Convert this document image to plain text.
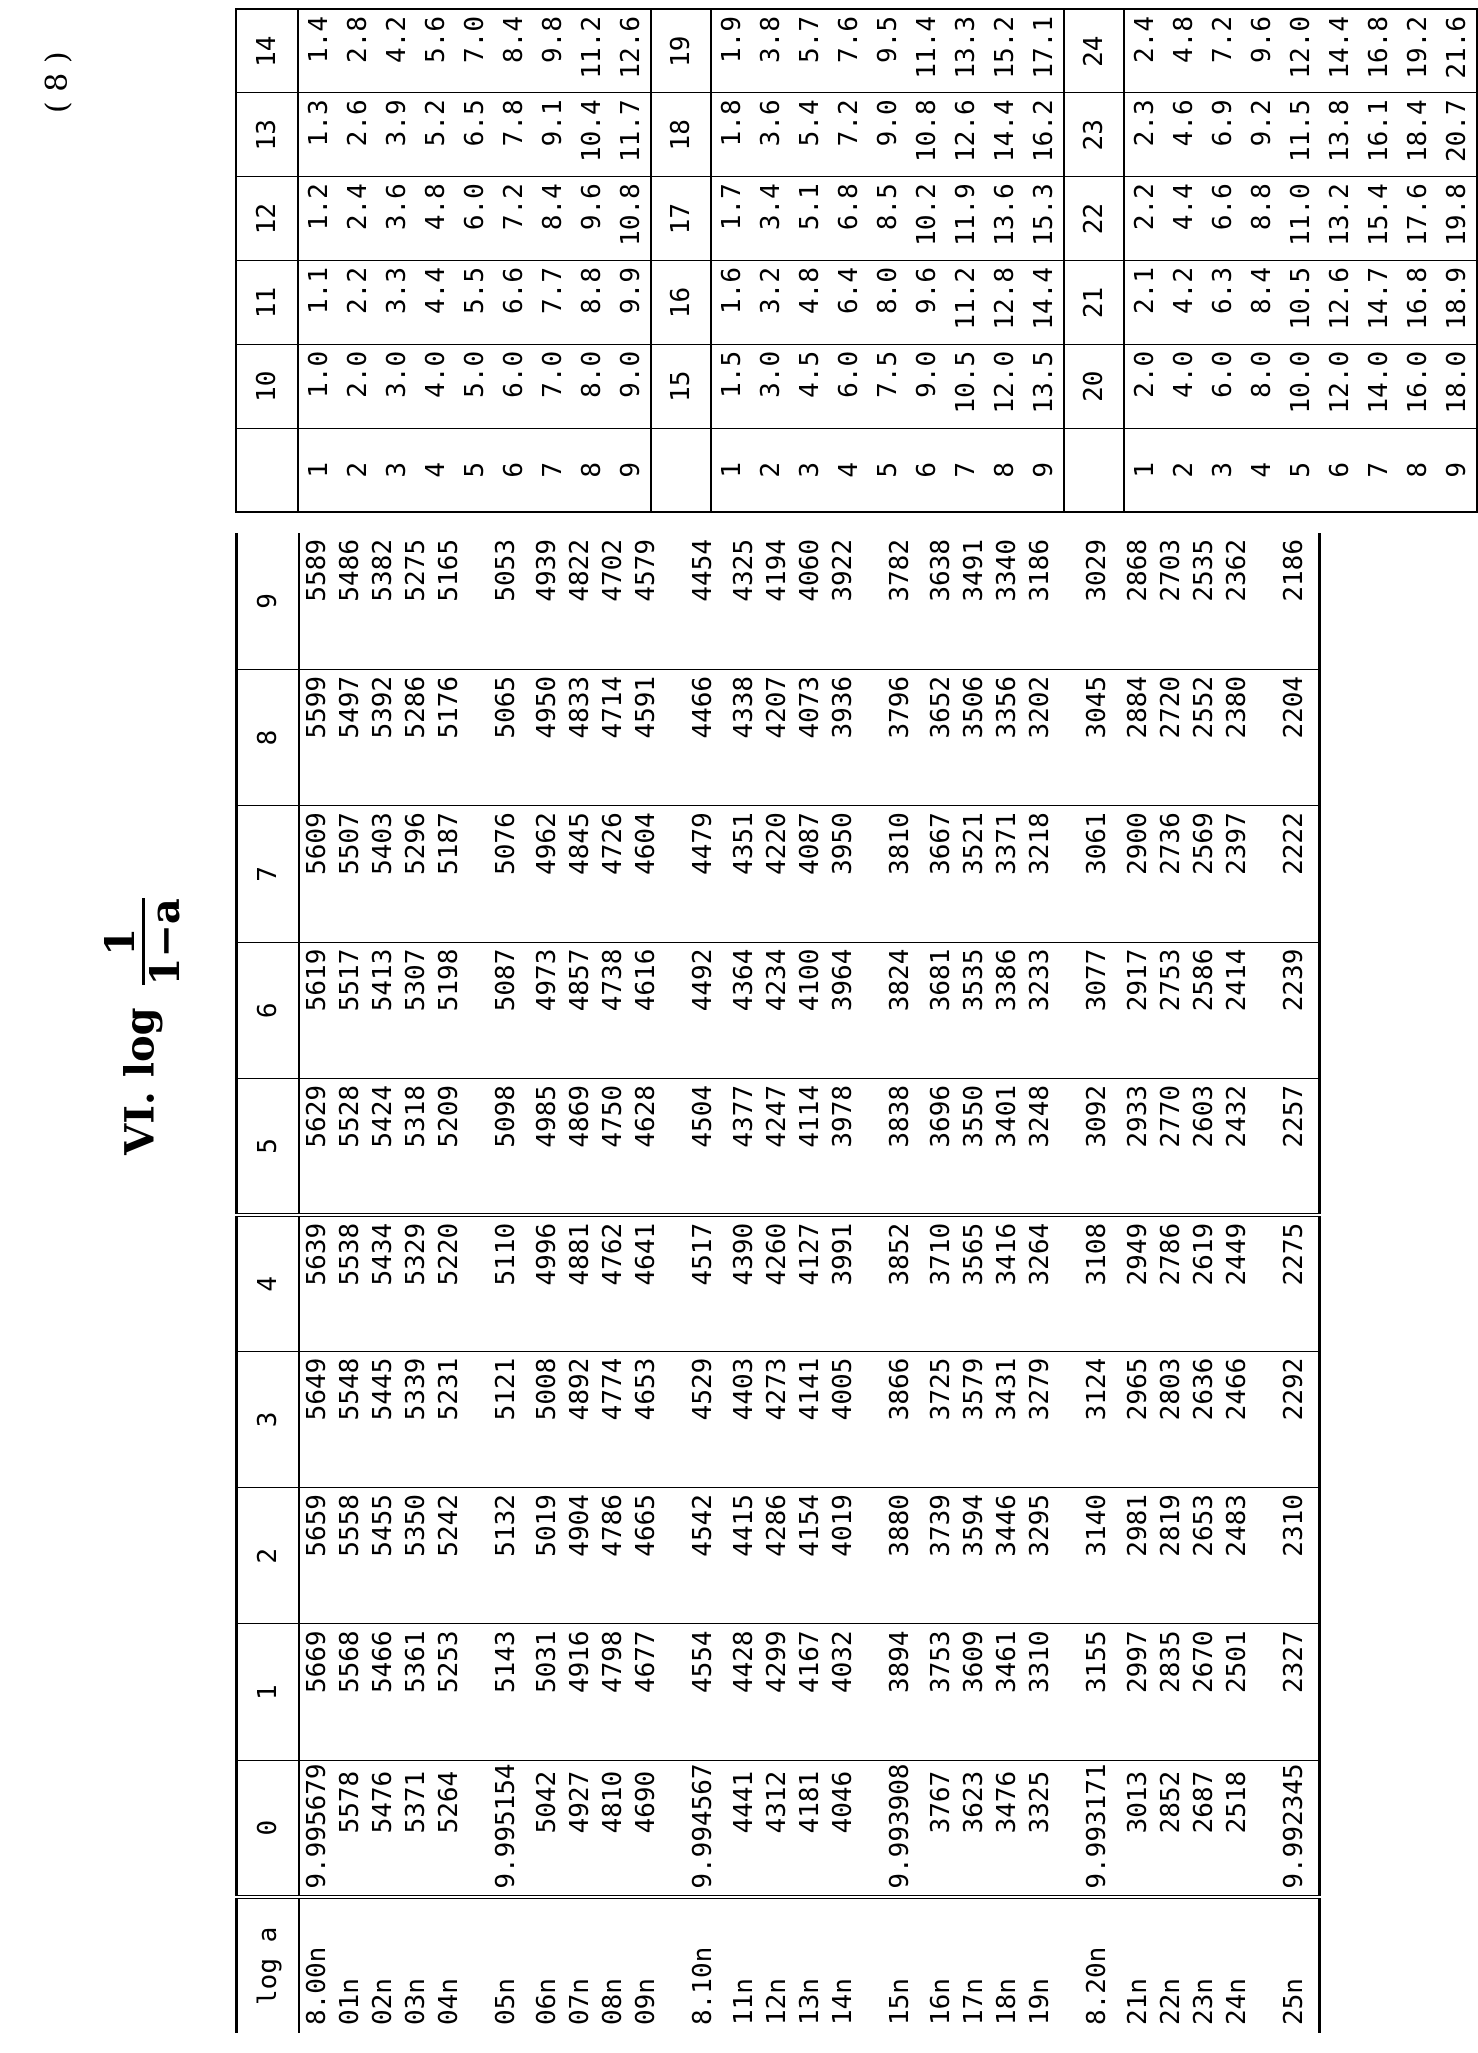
( 8 )
VI. log
1
1−a
log a	0	1	2	3	4	5	6	7	8	9
8.00n	9.995679	5669	5659	5649	5639	5629	5619	5609	5599	5589
01n	5578	5568	5558	5548	5538	5528	5517	5507	5497	5486
02n	5476	5466	5455	5445	5434	5424	5413	5403	5392	5382
03n	5371	5361	5350	5339	5329	5318	5307	5296	5286	5275
04n	5264	5253	5242	5231	5220	5209	5198	5187	5176	5165
05n	9.995154	5143	5132	5121	5110	5098	5087	5076	5065	5053
06n	5042	5031	5019	5008	4996	4985	4973	4962	4950	4939
07n	4927	4916	4904	4892	4881	4869	4857	4845	4833	4822
08n	4810	4798	4786	4774	4762	4750	4738	4726	4714	4702
09n	4690	4677	4665	4653	4641	4628	4616	4604	4591	4579
8.10n	9.994567	4554	4542	4529	4517	4504	4492	4479	4466	4454
11n	4441	4428	4415	4403	4390	4377	4364	4351	4338	4325
12n	4312	4299	4286	4273	4260	4247	4234	4220	4207	4194
13n	4181	4167	4154	4141	4127	4114	4100	4087	4073	4060
14n	4046	4032	4019	4005	3991	3978	3964	3950	3936	3922
15n	9.993908	3894	3880	3866	3852	3838	3824	3810	3796	3782
16n	3767	3753	3739	3725	3710	3696	3681	3667	3652	3638
17n	3623	3609	3594	3579	3565	3550	3535	3521	3506	3491
18n	3476	3461	3446	3431	3416	3401	3386	3371	3356	3340
19n	3325	3310	3295	3279	3264	3248	3233	3218	3202	3186
8.20n	9.993171	3155	3140	3124	3108	3092	3077	3061	3045	3029
21n	3013	2997	2981	2965	2949	2933	2917	2900	2884	2868
22n	2852	2835	2819	2803	2786	2770	2753	2736	2720	2703
23n	2687	2670	2653	2636	2619	2603	2586	2569	2552	2535
24n	2518	2501	2483	2466	2449	2432	2414	2397	2380	2362
25n	9.992345	2327	2310	2292	2275	2257	2239	2222	2204	2186
	10	11	12	13	14
1	1.0	1.1	1.2	1.3	1.4
2	2.0	2.2	2.4	2.6	2.8
3	3.0	3.3	3.6	3.9	4.2
4	4.0	4.4	4.8	5.2	5.6
5	5.0	5.5	6.0	6.5	7.0
6	6.0	6.6	7.2	7.8	8.4
7	7.0	7.7	8.4	9.1	9.8
8	8.0	8.8	9.6	10.4	11.2
9	9.0	9.9	10.8	11.7	12.6
	15	16	17	18	19
1	1.5	1.6	1.7	1.8	1.9
2	3.0	3.2	3.4	3.6	3.8
3	4.5	4.8	5.1	5.4	5.7
4	6.0	6.4	6.8	7.2	7.6
5	7.5	8.0	8.5	9.0	9.5
6	9.0	9.6	10.2	10.8	11.4
7	10.5	11.2	11.9	12.6	13.3
8	12.0	12.8	13.6	14.4	15.2
9	13.5	14.4	15.3	16.2	17.1
	20	21	22	23	24
1	2.0	2.1	2.2	2.3	2.4
2	4.0	4.2	4.4	4.6	4.8
3	6.0	6.3	6.6	6.9	7.2
4	8.0	8.4	8.8	9.2	9.6
5	10.0	10.5	11.0	11.5	12.0
6	12.0	12.6	13.2	13.8	14.4
7	14.0	14.7	15.4	16.1	16.8
8	16.0	16.8	17.6	18.4	19.2
9	18.0	18.9	19.8	20.7	21.6
